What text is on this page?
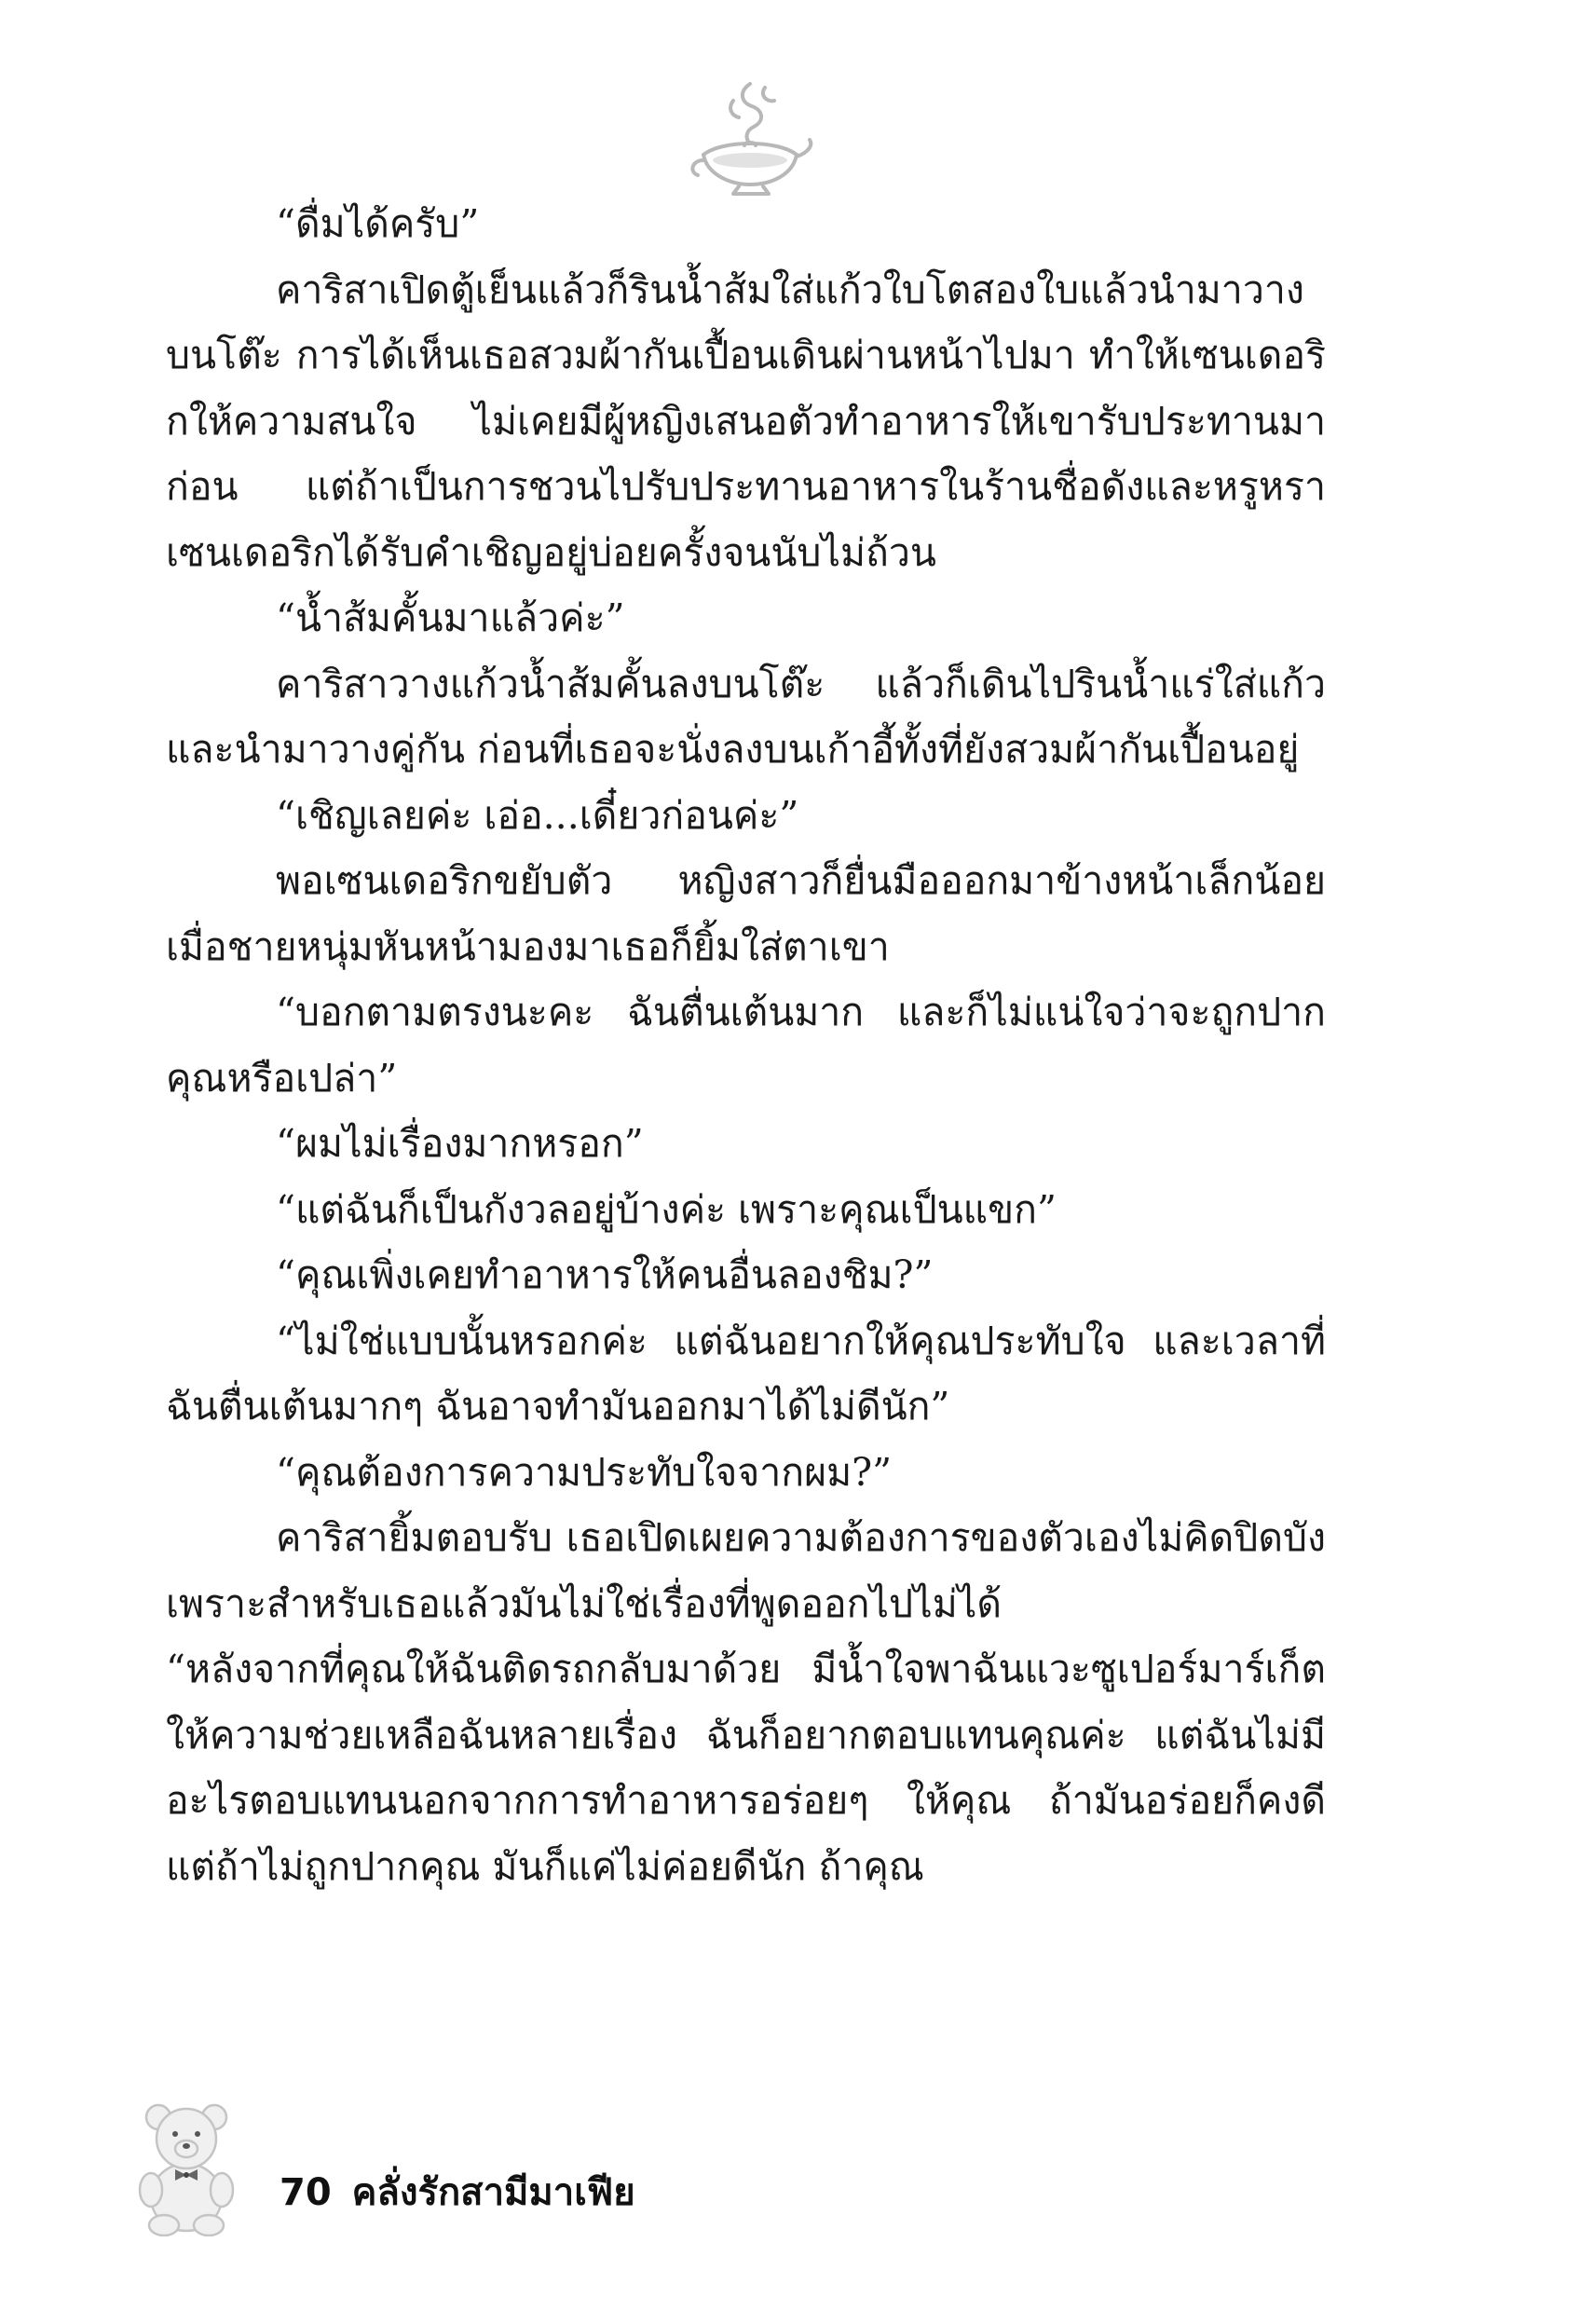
“ดื่มได้ครับ”

คาริสาเปิดตู้เย็นแล้วก็รินน้ำส้มใส่แก้วใบโตสองใบแล้วนำมาวางบนโต๊ะ การได้เห็นเธอสวมผ้ากันเปื้อนเดินผ่านหน้าไปมา ทำให้เซนเดอริกให้ความสนใจ ไม่เคยมีผู้หญิงเสนอตัวทำอาหารให้เขารับประทานมาก่อน แต่ถ้าเป็นการชวนไปรับประทานอาหารในร้านชื่อดังและหรูหรา เซนเดอริกได้รับคำเชิญอยู่บ่อยครั้งจนนับไม่ถ้วน

“น้ำส้มคั้นมาแล้วค่ะ”

คาริสาวางแก้วน้ำส้มคั้นลงบนโต๊ะ แล้วก็เดินไปรินน้ำแร่ใส่แก้วและนำมาวางคู่กัน ก่อนที่เธอจะนั่งลงบนเก้าอี้ทั้งที่ยังสวมผ้ากันเปื้อนอยู่

“เชิญเลยค่ะ เอ่อ...เดี๋ยวก่อนค่ะ”

พอเซนเดอริกขยับตัว หญิงสาวก็ยื่นมือออกมาข้างหน้าเล็กน้อย เมื่อชายหนุ่มหันหน้ามองมาเธอก็ยิ้มใส่ตาเขา

“บอกตามตรงนะคะ ฉันตื่นเต้นมาก และก็ไม่แน่ใจว่าจะถูกปากคุณหรือเปล่า”

“ผมไม่เรื่องมากหรอก”

“แต่ฉันก็เป็นกังวลอยู่บ้างค่ะ เพราะคุณเป็นแขก”

“คุณเพิ่งเคยทำอาหารให้คนอื่นลองชิม?”

“ไม่ใช่แบบนั้นหรอกค่ะ แต่ฉันอยากให้คุณประทับใจ และเวลาที่ฉันตื่นเต้นมากๆ ฉันอาจทำมันออกมาได้ไม่ดีนัก”

“คุณต้องการความประทับใจจากผม?”

คาริสายิ้มตอบรับ เธอเปิดเผยความต้องการของตัวเองไม่คิดปิดบัง เพราะสำหรับเธอแล้วมันไม่ใช่เรื่องที่พูดออกไปไม่ได้

“หลังจากที่คุณให้ฉันติดรถกลับมาด้วย มีน้ำใจพาฉันแวะซูเปอร์มาร์เก็ต ให้ความช่วยเหลือฉันหลายเรื่อง ฉันก็อยากตอบแทนคุณค่ะ แต่ฉันไม่มีอะไรตอบแทนนอกจากการทำอาหารอร่อยๆ ให้คุณ ถ้ามันอร่อยก็คงดี แต่ถ้าไม่ถูกปากคุณ มันก็แค่ไม่ค่อยดีนัก ถ้าคุณ

70 คลั่งรักสามีมาเฟีย
